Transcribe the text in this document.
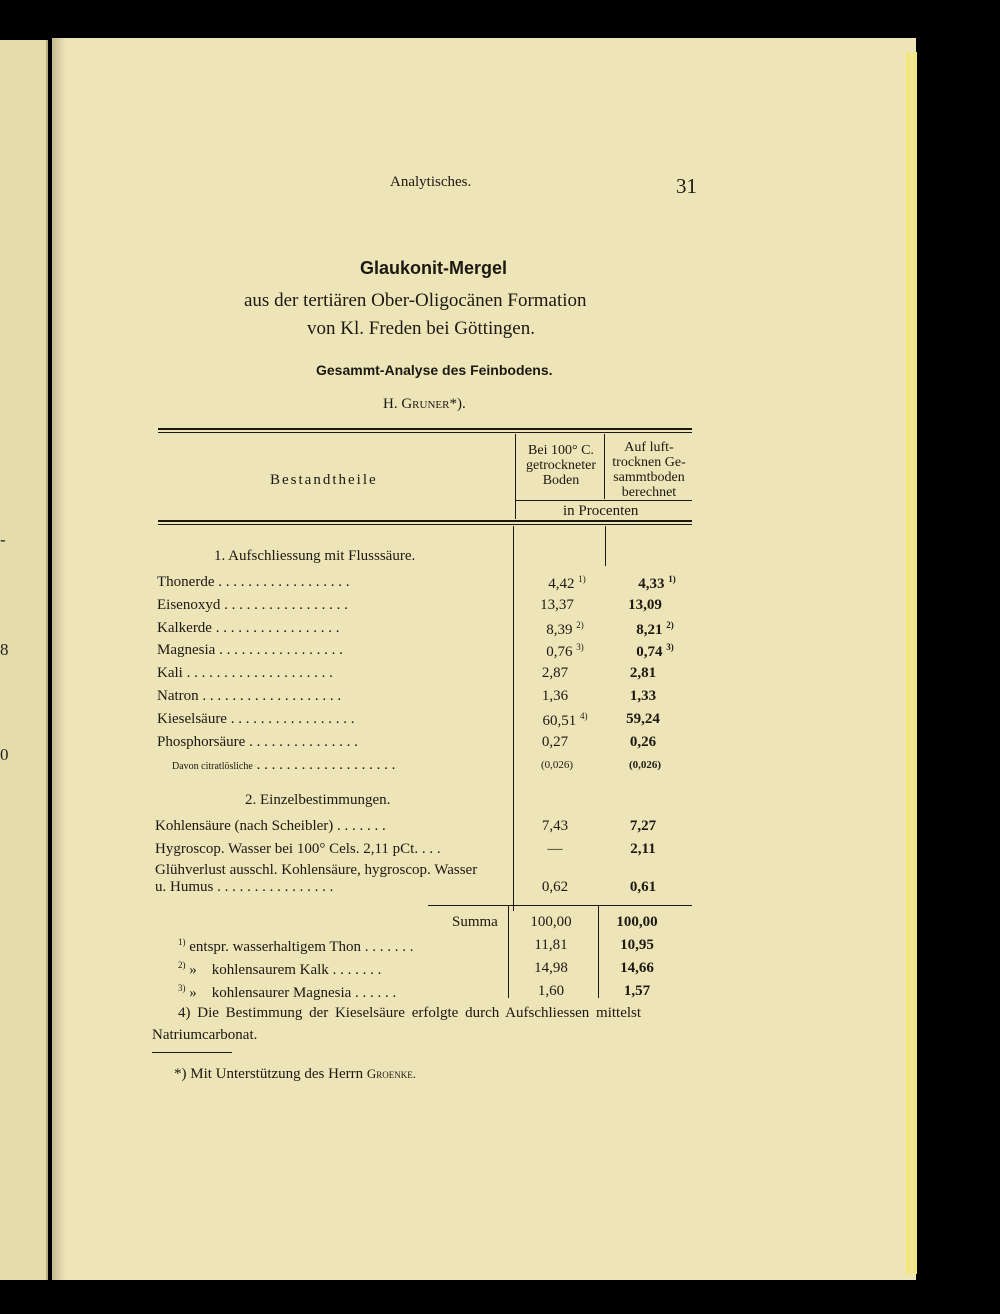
-
8
0
Analytisches.	31
Glaukonit-Mergel
aus der tertiären Ober-Oligocänen Formation
von Kl. Freden bei Göttingen.
Gesammt-Analyse des Feinbodens.
H. Gruner*).
Bestandtheile
Bei 100° C. getrockneter Boden
Auf luft-trocknen Ge-sammtboden berechnet
in Procenten
1. Aufschliessung mit Flusssäure.
Thonerde . . . . . . . . . . . . . . . . . .	4,42 $^{1)}$	4,33 $^{1)}$
Eisenoxyd . . . . . . . . . . . . . . . . .	13,37	13,09
Kalkerde . . . . . . . . . . . . . . . . .	8,39 $^{2)}$	8,21 $^{2)}$
Magnesia . . . . . . . . . . . . . . . . .	0,76 $^{3)}$	0,74 $^{3)}$
Kali . . . . . . . . . . . . . . . . . . . .	2,87	2,81
Natron . . . . . . . . . . . . . . . . . . .	1,36	1,33
Kieselsäure . . . . . . . . . . . . . . . . .	60,51 $^{4)}$	59,24
Phosphorsäure . . . . . . . . . . . . . . .	0,27	0,26
Davon citratlösliche . . . . . . . . . . . . . . . . . . .	(0,026)	(0,026)
2. Einzelbestimmungen.
Kohlensäure (nach Scheibler) . . . . . . .	7,43	7,27
Hygroscop. Wasser bei 100° Cels. 2,11 pCt. . . .	—	2,11
Glühverlust ausschl. Kohlensäure, hygroscop. Wasser
u. Humus . . . . . . . . . . . . . . . .	0,62	0,61
Summa	100,00	100,00
$^{1)}$ entspr. wasserhaltigem Thon . . . . . . .	11,81	10,95
$^{2)}$ »    kohlensaurem Kalk . . . . . . .	14,98	14,66
$^{3)}$ »    kohlensaurer Magnesia . . . . . .	1,60	1,57
4) Die Bestimmung der Kieselsäure erfolgte durch Aufschliessen mittelst
Natriumcarbonat.
*) Mit Unterstützung des Herrn Groenke.
